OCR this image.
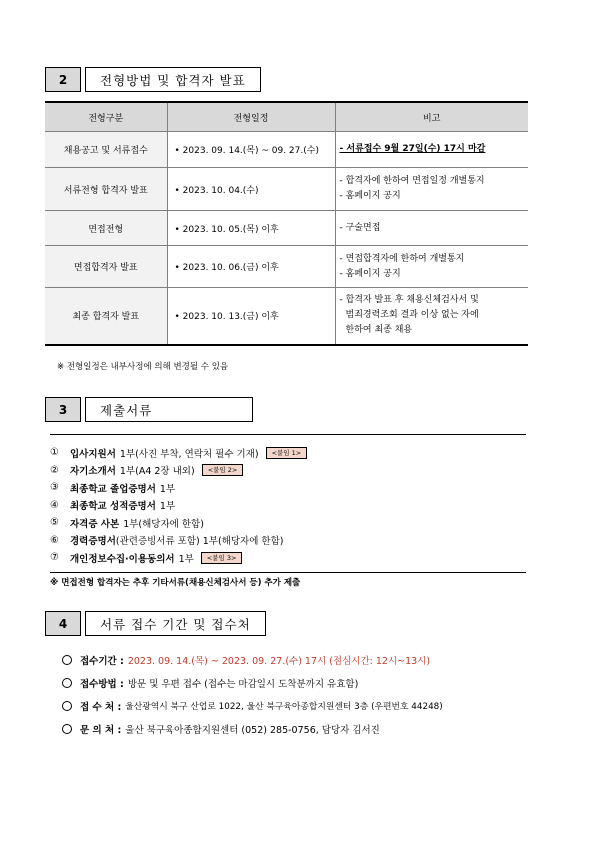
2	전형방법 및 합격자 발표
전형구분	전형일정	비고
채용공고 및 서류접수	• 2023. 09. 14.(목) ~ 09. 27.(수)	- 서류접수 9월 27일(수) 17시 마감

서류전형 합격자 발표	• 2023. 10. 04.(수)	- 합격자에 한하여 면접일정 개별통지
- 홈페이지 공지

면접전형	• 2023. 10. 05.(목) 이후	- 구술면접

면접합격자 발표	• 2023. 10. 06.(금) 이후	- 면접합격자에 한하여 개별통지
- 홈페이지 공지

최종 합격자 발표	• 2023. 10. 13.(금) 이후	- 합격자 발표 후 채용신체검사서 및
범죄경력조회 결과 이상 없는 자에
한하여 최종 채용
※ 전형일정은 내부사정에 의해 변경될 수 있음
3	제출서류
①	입사지원서 1부(사진 부착, 연락처 필수 기재)	<붙임 1>
②	자기소개서 1부(A4 2장 내외)	<붙임 2>
③	최종학교 졸업증명서 1부
④	최종학교 성적증명서 1부
⑤	자격증 사본 1부(해당자에 한함)
⑥	경력증명서 (관련증빙서류 포함) 1부(해당자에 한함)
⑦	개인정보수집·이용동의서 1부	<붙임 3>
※ 면접전형 합격자는 추후 기타서류(채용신체검사서 등) 추가 제출
4	서류 접수 기간 및 접수처
접수기간 : 2023. 09. 14.(목) ~ 2023. 09. 27.(수) 17시 (점심시간: 12시~13시)
접수방법 : 방문 및 우편 접수 (접수는 마감일시 도착분까지 유효함)
접 수 처 : 울산광역시 북구 산업로 1022, 울산 북구육아종합지원센터 3층 (우편번호 44248)
문 의 처 : 울산 북구육아종합지원센터 (052) 285-0756, 담당자 김서진
